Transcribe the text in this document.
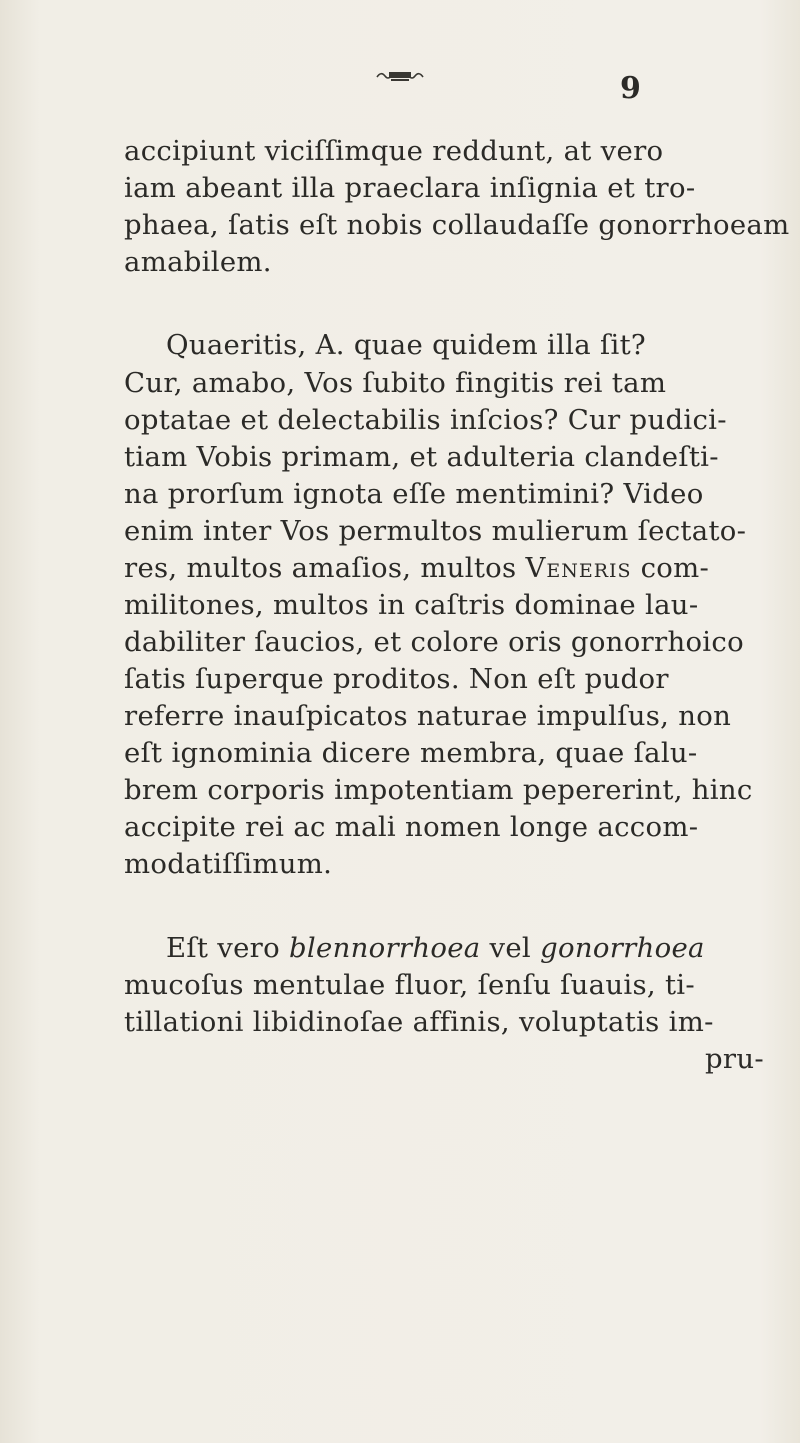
9
accipiunt viciſſimque reddunt, at vero
iam abeant illa praeclara inſignia et tro-
phaea, ſatis eſt nobis collaudaſſe gonorrhoeam
amabilem.
Quaeritis, A. quae quidem illa ſit?
Cur, amabo, Vos ſubito fingitis rei tam
optatae et delectabilis inſcios? Cur pudici-
tiam Vobis primam, et adulteria clandeſti-
na prorſum ignota eſſe mentimini? Video
enim inter Vos permultos mulierum ſectato-
res, multos amaſios, multos Veneris com-
militones, multos in caſtris dominae lau-
dabiliter ſaucios, et colore oris gonorrhoico
ſatis ſuperque proditos. Non eſt pudor
referre inauſpicatos naturae impulſus, non
eſt ignominia dicere membra, quae ſalu-
brem corporis impotentiam pepererint, hinc
accipite rei ac mali nomen longe accom-
modatiſſimum.
Eſt vero blennorrhoea vel gonorrhoea
mucoſus mentulae fluor, ſenſu ſuauis, ti-
tillationi libidinoſae affinis, voluptatis im-
pru-
